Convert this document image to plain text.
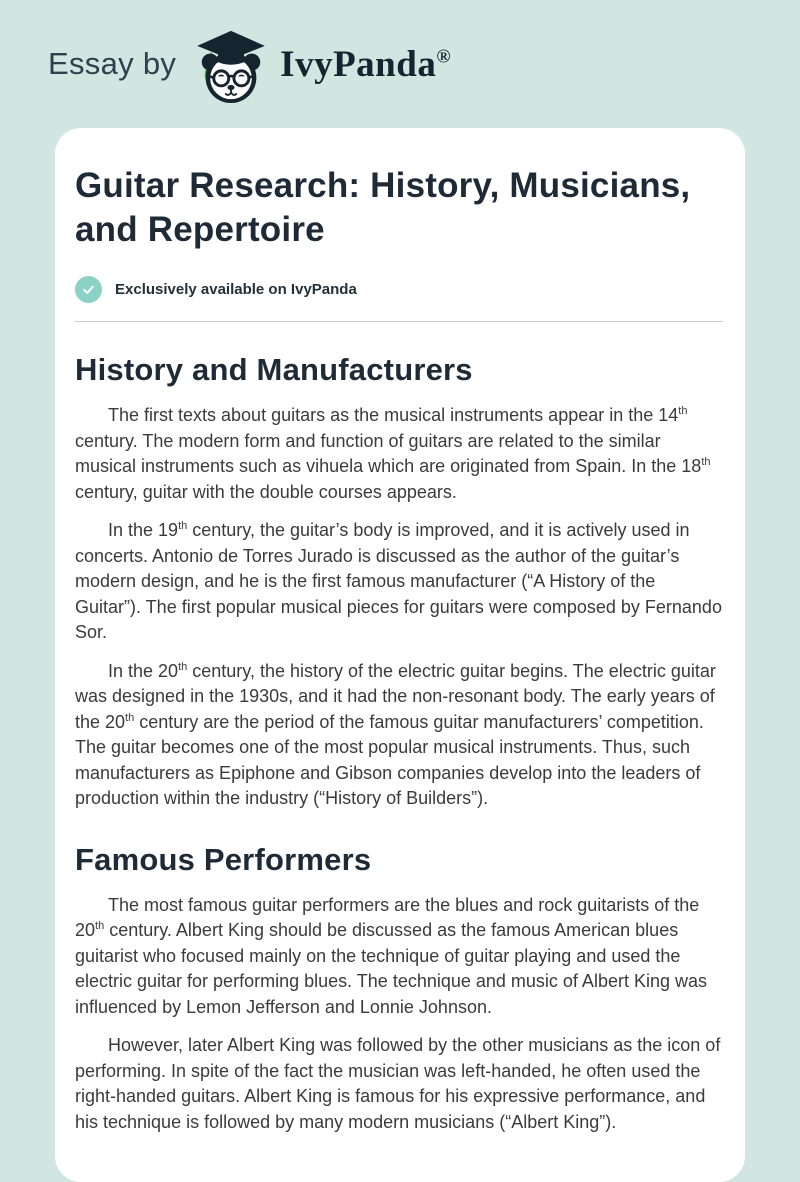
Essay by	IvyPanda®
Guitar Research: History, Musicians, and Repertoire
Exclusively available on IvyPanda
History and Manufacturers

The first texts about guitars as the musical instruments appear in the 14th century. The modern form and function of guitars are related to the similar musical instruments such as vihuela which are originated from Spain. In the 18th century, guitar with the double courses appears.

In the 19th century, the guitar’s body is improved, and it is actively used in concerts. Antonio de Torres Jurado is discussed as the author of the guitar’s modern design, and he is the first famous manufacturer (“A History of the Guitar”). The first popular musical pieces for guitars were composed by Fernando Sor.

In the 20th century, the history of the electric guitar begins. The electric guitar was designed in the 1930s, and it had the non-resonant body. The early years of the 20th century are the period of the famous guitar manufacturers’ competition. The guitar becomes one of the most popular musical instruments. Thus, such manufacturers as Epiphone and Gibson companies develop into the leaders of production within the industry (“History of Builders”).

Famous Performers

The most famous guitar performers are the blues and rock guitarists of the 20th century. Albert King should be discussed as the famous American blues guitarist who focused mainly on the technique of guitar playing and used the electric guitar for performing blues. The technique and music of Albert King was influenced by Lemon Jefferson and Lonnie Johnson.

However, later Albert King was followed by the other musicians as the icon of performing. In spite of the fact the musician was left-handed, he often used the right-handed guitars. Albert King is famous for his expressive performance, and his technique is followed by many modern musicians (“Albert King”).
